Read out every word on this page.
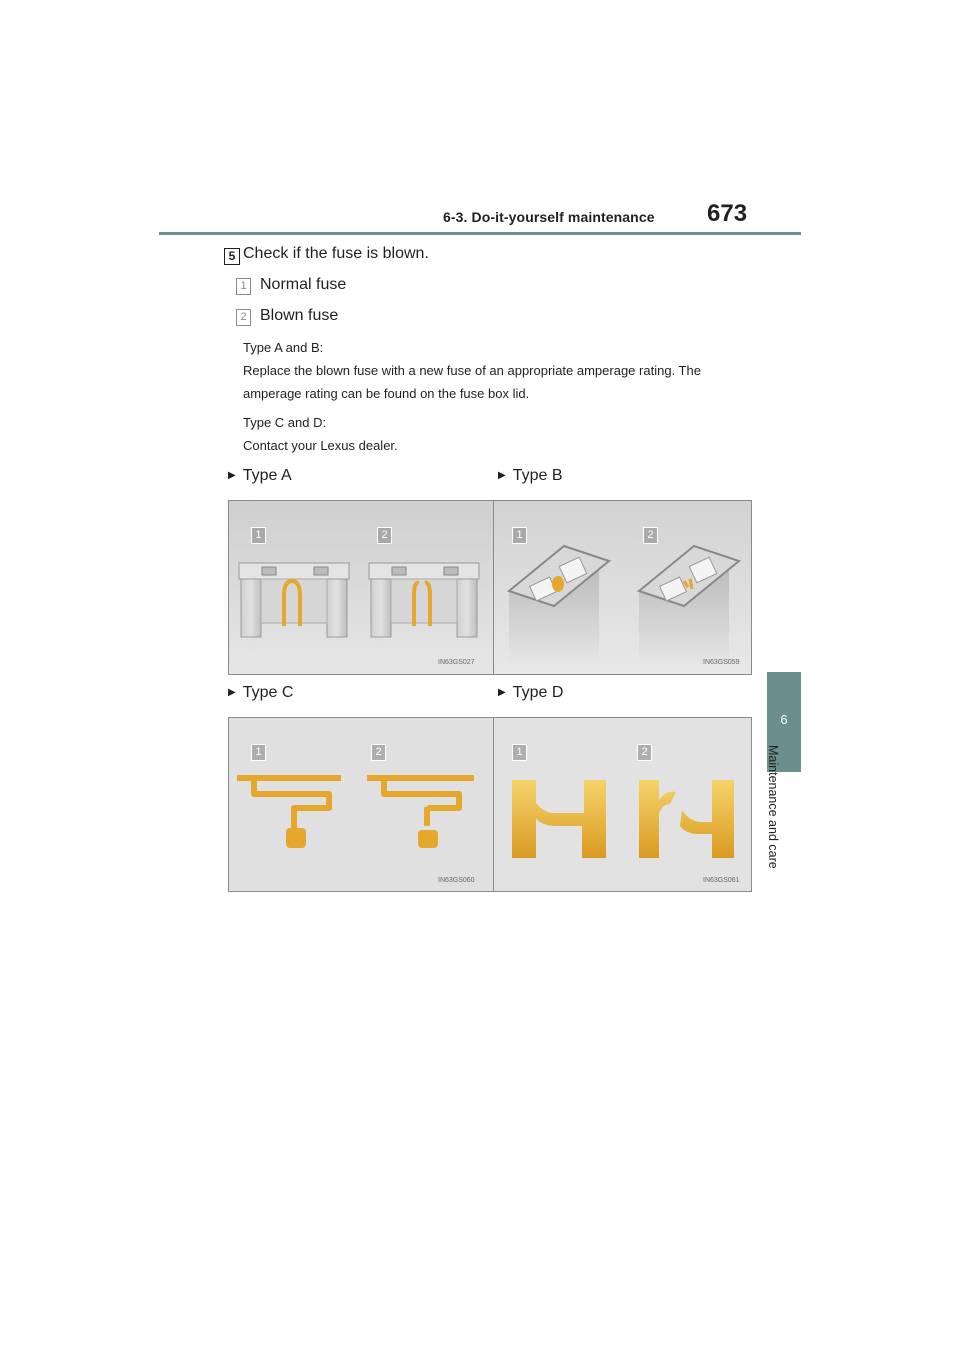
6-3. Do-it-yourself maintenance 673
6
Maintenance and care
5 Check if the fuse is blown.
1 Normal fuse
2 Blown fuse
Type A and B:
Replace the blown fuse with a new fuse of an appropriate amperage rating. The
amperage rating can be found on the fuse box lid.
Type C and D:
Contact your Lexus dealer.
▶ Type A	▶ Type B
▶ Type C	▶ Type D
1	2
IN63GS027
1	2
IN63GS059
1	2
IN63GS060
1	2
IN63GS061
